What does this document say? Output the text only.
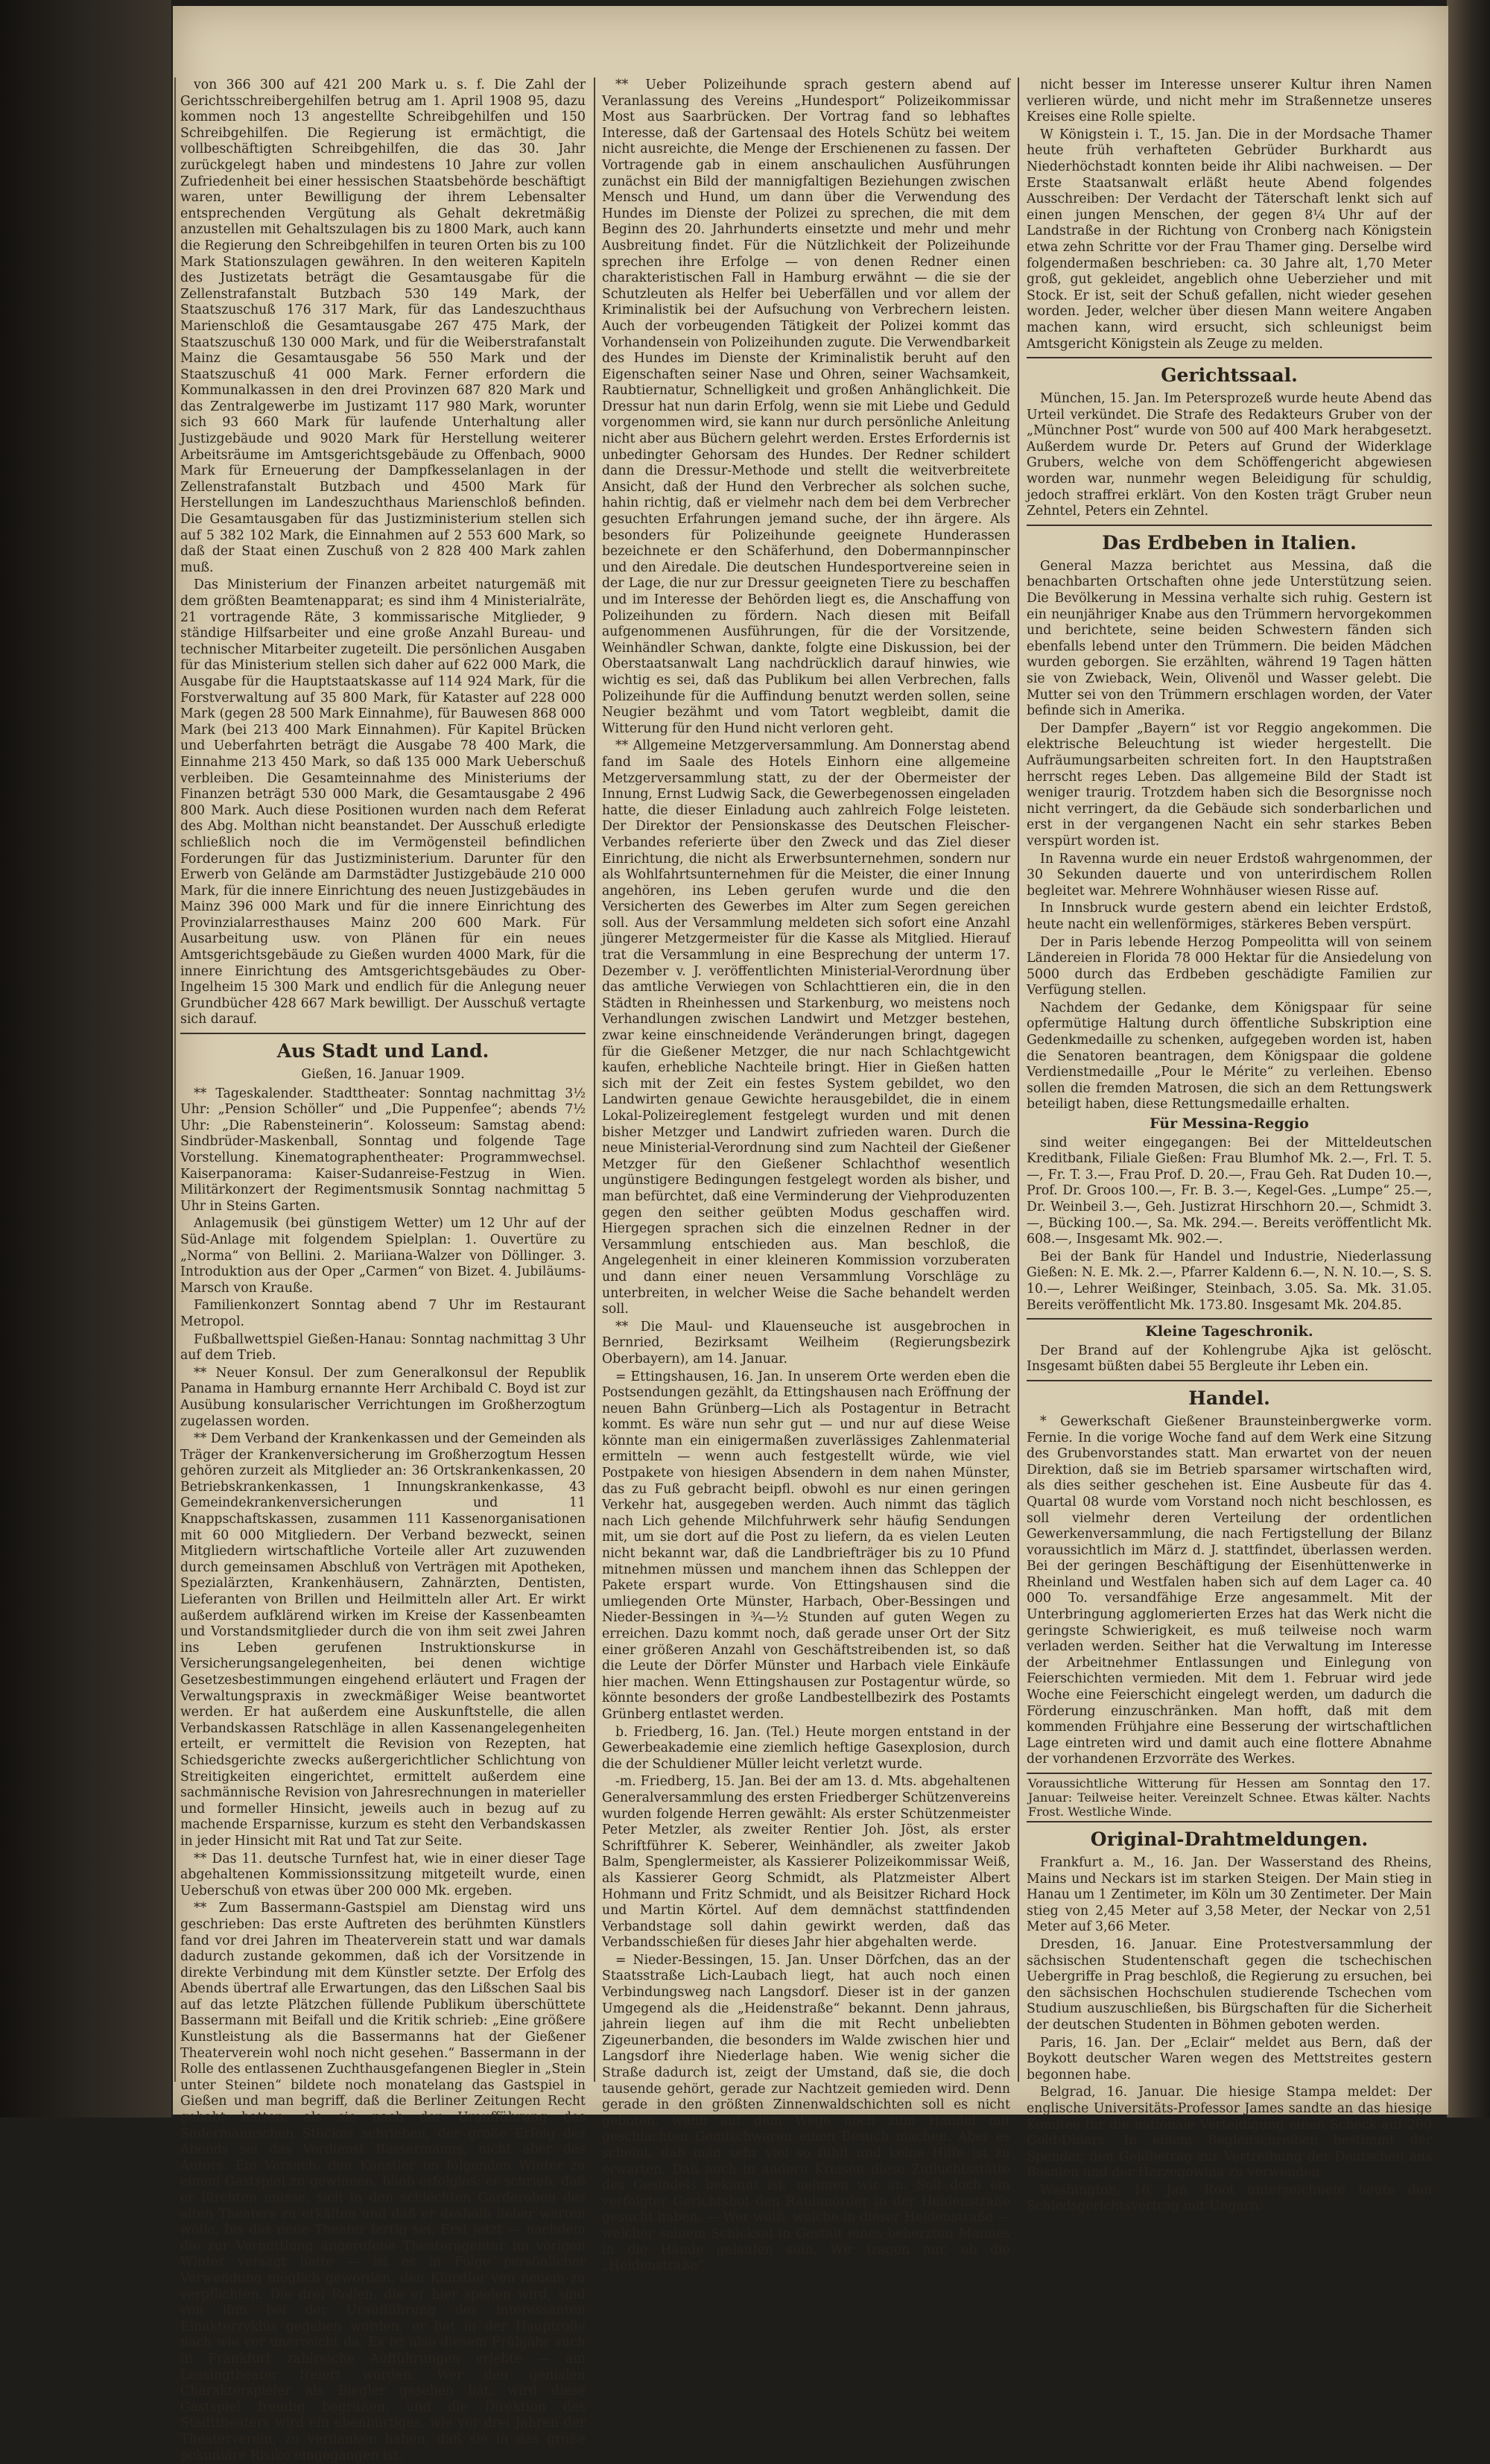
von 366 300 auf 421 200 Mark u. s. f. Die Zahl der Gerichtsschreibergehilfen betrug am 1. April 1908 95, dazu kommen noch 13 angestellte Schreibgehilfen und 150 Schreibgehilfen. Die Regierung ist ermächtigt, die vollbeschäftigten Schreibgehilfen, die das 30. Jahr zurückgelegt haben und mindestens 10 Jahre zur vollen Zufriedenheit bei einer hessischen Staatsbehörde beschäftigt waren, unter Bewilligung der ihrem Lebensalter entsprechenden Vergütung als Gehalt dekretmäßig anzustellen mit Gehaltszulagen bis zu 1800 Mark, auch kann die Regierung den Schreibgehilfen in teuren Orten bis zu 100 Mark Stationszulagen gewähren. In den weiteren Kapiteln des Justizetats beträgt die Gesamtausgabe für die Zellenstrafanstalt Butzbach 530 149 Mark, der Staatszuschuß 176 317 Mark, für das Landeszuchthaus Marienschloß die Gesamtausgabe 267 475 Mark, der Staatszuschuß 130 000 Mark, und für die Weiberstrafanstalt Mainz die Gesamtausgabe 56 550 Mark und der Staatszuschuß 41 000 Mark. Ferner erfordern die Kommunalkassen in den drei Provinzen 687 820 Mark und das Zentralgewerbe im Justizamt 117 980 Mark, worunter sich 93 660 Mark für laufende Unterhaltung aller Justizgebäude und 9020 Mark für Herstellung weiterer Arbeitsräume im Amtsgerichtsgebäude zu Offenbach, 9000 Mark für Erneuerung der Dampfkesselanlagen in der Zellenstrafanstalt Butzbach und 4500 Mark für Herstellungen im Landeszuchthaus Marienschloß befinden. Die Gesamtausgaben für das Justizministerium stellen sich auf 5 382 102 Mark, die Einnahmen auf 2 553 600 Mark, so daß der Staat einen Zuschuß von 2 828 400 Mark zahlen muß.

Das Ministerium der Finanzen arbeitet naturgemäß mit dem größten Beamtenapparat; es sind ihm 4 Ministerialräte, 21 vortragende Räte, 3 kommissarische Mitglieder, 9 ständige Hilfsarbeiter und eine große Anzahl Bureau- und technischer Mitarbeiter zugeteilt. Die persönlichen Ausgaben für das Ministerium stellen sich daher auf 622 000 Mark, die Ausgabe für die Hauptstaatskasse auf 114 924 Mark, für die Forstverwaltung auf 35 800 Mark, für Kataster auf 228 000 Mark (gegen 28 500 Mark Einnahme), für Bauwesen 868 000 Mark (bei 213 400 Mark Einnahmen). Für Kapitel Brücken und Ueberfahrten beträgt die Ausgabe 78 400 Mark, die Einnahme 213 450 Mark, so daß 135 000 Mark Ueberschuß verbleiben. Die Gesamteinnahme des Ministeriums der Finanzen beträgt 530 000 Mark, die Gesamtausgabe 2 496 800 Mark. Auch diese Positionen wurden nach dem Referat des Abg. Molthan nicht beanstandet. Der Ausschuß erledigte schließlich noch die im Vermögensteil befindlichen Forderungen für das Justizministerium. Darunter für den Erwerb von Gelände am Darmstädter Justizgebäude 210 000 Mark, für die innere Einrichtung des neuen Justizgebäudes in Mainz 396 000 Mark und für die innere Einrichtung des Provinzialarresthauses Mainz 200 600 Mark. Für Ausarbeitung usw. von Plänen für ein neues Amtsgerichtsgebäude zu Gießen wurden 4000 Mark, für die innere Einrichtung des Amtsgerichtsgebäudes zu Ober-Ingelheim 15 300 Mark und endlich für die Anlegung neuer Grundbücher 428 667 Mark bewilligt. Der Ausschuß vertagte sich darauf.

Aus Stadt und Land.
Gießen, 16. Januar 1909.

** Tageskalender. Stadttheater: Sonntag nachmittag 3½ Uhr: „Pension Schöller“ und „Die Puppenfee“; abends 7½ Uhr: „Die Rabensteinerin“. Kolosseum: Samstag abend: Sindbrüder-Maskenball, Sonntag und folgende Tage Vorstellung. Kinematographentheater: Programmwechsel. Kaiserpanorama: Kaiser-Sudanreise-Festzug in Wien. Militärkonzert der Regimentsmusik Sonntag nachmittag 5 Uhr in Steins Garten.

Anlagemusik (bei günstigem Wetter) um 12 Uhr auf der Süd-Anlage mit folgendem Spielplan: 1. Ouvertüre zu „Norma“ von Bellini. 2. Mariiana-Walzer von Döllinger. 3. Introduktion aus der Oper „Carmen“ von Bizet. 4. Jubiläums-Marsch von Krauße.

Familienkonzert Sonntag abend 7 Uhr im Restaurant Metropol.

Fußballwettspiel Gießen-Hanau: Sonntag nachmittag 3 Uhr auf dem Trieb.

** Neuer Konsul. Der zum Generalkonsul der Republik Panama in Hamburg ernannte Herr Archibald C. Boyd ist zur Ausübung konsularischer Verrichtungen im Großherzogtum zugelassen worden.

** Dem Verband der Krankenkassen und der Gemeinden als Träger der Krankenversicherung im Großherzogtum Hessen gehören zurzeit als Mitglieder an: 36 Ortskrankenkassen, 20 Betriebskrankenkassen, 1 Innungskrankenkasse, 43 Gemeindekrankenversicherungen und 11 Knappschaftskassen, zusammen 111 Kassenorganisationen mit 60 000 Mitgliedern. Der Verband bezweckt, seinen Mitgliedern wirtschaftliche Vorteile aller Art zuzuwenden durch gemeinsamen Abschluß von Verträgen mit Apotheken, Spezialärzten, Krankenhäusern, Zahnärzten, Dentisten, Lieferanten von Brillen und Heilmitteln aller Art. Er wirkt außerdem aufklärend wirken im Kreise der Kassenbeamten und Vorstandsmitglieder durch die von ihm seit zwei Jahren ins Leben gerufenen Instruktionskurse in Versicherungsangelegenheiten, bei denen wichtige Gesetzesbestimmungen eingehend erläutert und Fragen der Verwaltungspraxis in zweckmäßiger Weise beantwortet werden. Er hat außerdem eine Auskunftstelle, die allen Verbandskassen Ratschläge in allen Kassenangelegenheiten erteilt, er vermittelt die Revision von Rezepten, hat Schiedsgerichte zwecks außergerichtlicher Schlichtung von Streitigkeiten eingerichtet, ermittelt außerdem eine sachmännische Revision von Jahresrechnungen in materieller und formeller Hinsicht, jeweils auch in bezug auf zu machende Ersparnisse, kurzum es steht den Verbandskassen in jeder Hinsicht mit Rat und Tat zur Seite.

** Das 11. deutsche Turnfest hat, wie in einer dieser Tage abgehaltenen Kommissionssitzung mitgeteilt wurde, einen Ueberschuß von etwas über 200 000 Mk. ergeben.

** Zum Bassermann-Gastspiel am Dienstag wird uns geschrieben: Das erste Auftreten des berühmten Künstlers fand vor drei Jahren im Theaterverein statt und war damals dadurch zustande gekommen, daß ich der Vorsitzende in direkte Verbindung mit dem Künstler setzte. Der Erfolg des Abends übertraf alle Erwartungen, das den Lißschen Saal bis auf das letzte Plätzchen füllende Publikum überschüttete Bassermann mit Beifall und die Kritik schrieb: „Eine größere Kunstleistung als die Bassermanns hat der Gießener Theaterverein wohl noch nicht gesehen.“ Bassermann in der Rolle des entlassenen Zuchthausgefangenen Biegler in „Stein unter Steinen“ bildete noch monatelang das Gastspiel in Gießen und man begriff, daß die Berliner Zeitungen Recht gehabt hatten, als sie nach der Uraufführung des Sudermannschen Stückes schrieben, der große Erfolg des Abends sei das Verdienst Bassermanns, nicht aber des Autors. Ein Versuch, den Künstler im folgenden Winter zu einem Gastspiel zu gewinnen, blieb erfolglos; er schrieb, daß er fürchten müsse, sich in den schlechten Garderoben des alten Theaters zu erkälten und daß er deshalb lieber warten wolle, bis das neue Theater fertig sei. Erst jetzt — nachdem die zur Vermittlung angerufene Theateragentur im vorigen Winter versagt hatte — ist es in Folge persönlicher Verwendung möglich geworden, den Künstler von neuem zu verpflichten. Die drei Rollen, die er hier spielen wird, sind von ihm bei der Uraufführung des interessanten Einakterzyklus gegeben worden, er hat in der Hauptrolle nach wie vor unerreicht da. Es ist also diesem Frühjahr auch in Frankfurt zahlreiche Aufführungen erlebte — am Lessingtheater freiert worden. Wer den genialen Charakterspieler als Biegler gesehen hat, wird diese Gastspiel freudig begrüßen, und die Direktion des Stadttheaters wird ein ebenbürtiges, wie vor drei Jahren der Theaterverein, zu verdanken haben, daß sie in das große pekuniäre Risiko eingegangen ist.

** Ueber Polizeihunde sprach gestern abend auf Veranlassung des Vereins „Hundesport“ Polizeikommissar Most aus Saarbrücken. Der Vortrag fand so lebhaftes Interesse, daß der Gartensaal des Hotels Schütz bei weitem nicht ausreichte, die Menge der Erschienenen zu fassen. Der Vortragende gab in einem anschaulichen Ausführungen zunächst ein Bild der mannigfaltigen Beziehungen zwischen Mensch und Hund, um dann über die Verwendung des Hundes im Dienste der Polizei zu sprechen, die mit dem Beginn des 20. Jahrhunderts einsetzte und mehr und mehr Ausbreitung findet. Für die Nützlichkeit der Polizeihunde sprechen ihre Erfolge — von denen Redner einen charakteristischen Fall in Hamburg erwähnt — die sie der Schutzleuten als Helfer bei Ueberfällen und vor allem der Kriminalistik bei der Aufsuchung von Verbrechern leisten. Auch der vorbeugenden Tätigkeit der Polizei kommt das Vorhandensein von Polizeihunden zugute. Die Verwendbarkeit des Hundes im Dienste der Kriminalistik beruht auf den Eigenschaften seiner Nase und Ohren, seiner Wachsamkeit, Raubtiernatur, Schnelligkeit und großen Anhänglichkeit. Die Dressur hat nun darin Erfolg, wenn sie mit Liebe und Geduld vorgenommen wird, sie kann nur durch persönliche Anleitung nicht aber aus Büchern gelehrt werden. Erstes Erfordernis ist unbedingter Gehorsam des Hundes. Der Redner schildert dann die Dressur-Methode und stellt die weitverbreitete Ansicht, daß der Hund den Verbrecher als solchen suche, hahin richtig, daß er vielmehr nach dem bei dem Verbrecher gesuchten Erfahrungen jemand suche, der ihn ärgere. Als besonders für Polizeihunde geeignete Hunderassen bezeichnete er den Schäferhund, den Dobermannpinscher und den Airedale. Die deutschen Hundesportvereine seien in der Lage, die nur zur Dressur geeigneten Tiere zu beschaffen und im Interesse der Behörden liegt es, die Anschaffung von Polizeihunden zu fördern. Nach diesen mit Beifall aufgenommenen Ausführungen, für die der Vorsitzende, Weinhändler Schwan, dankte, folgte eine Diskussion, bei der Oberstaatsanwalt Lang nachdrücklich darauf hinwies, wie wichtig es sei, daß das Publikum bei allen Verbrechen, falls Polizeihunde für die Auffindung benutzt werden sollen, seine Neugier bezähmt und vom Tatort wegbleibt, damit die Witterung für den Hund nicht verloren geht.

** Allgemeine Metzgerversammlung. Am Donnerstag abend fand im Saale des Hotels Einhorn eine allgemeine Metzgerversammlung statt, zu der der Obermeister der Innung, Ernst Ludwig Sack, die Gewerbegenossen eingeladen hatte, die dieser Einladung auch zahlreich Folge leisteten. Der Direktor der Pensionskasse des Deutschen Fleischer-Verbandes referierte über den Zweck und das Ziel dieser Einrichtung, die nicht als Erwerbsunternehmen, sondern nur als Wohlfahrtsunternehmen für die Meister, die einer Innung angehören, ins Leben gerufen wurde und die den Versicherten des Gewerbes im Alter zum Segen gereichen soll. Aus der Versammlung meldeten sich sofort eine Anzahl jüngerer Metzgermeister für die Kasse als Mitglied. Hierauf trat die Versammlung in eine Besprechung der unterm 17. Dezember v. J. veröffentlichten Ministerial-Verordnung über das amtliche Verwiegen von Schlachttieren ein, die in den Städten in Rheinhessen und Starkenburg, wo meistens noch Verhandlungen zwischen Landwirt und Metzger bestehen, zwar keine einschneidende Veränderungen bringt, dagegen für die Gießener Metzger, die nur nach Schlachtgewicht kaufen, erhebliche Nachteile bringt. Hier in Gießen hatten sich mit der Zeit ein festes System gebildet, wo den Landwirten genaue Gewichte herausgebildet, die in einem Lokal-Polizeireglement festgelegt wurden und mit denen bisher Metzger und Landwirt zufrieden waren. Durch die neue Ministerial-Verordnung sind zum Nachteil der Gießener Metzger für den Gießener Schlachthof wesentlich ungünstigere Bedingungen festgelegt worden als bisher, und man befürchtet, daß eine Verminderung der Viehproduzenten gegen den seither geübten Modus geschaffen wird. Hiergegen sprachen sich die einzelnen Redner in der Versammlung entschieden aus. Man beschloß, die Angelegenheit in einer kleineren Kommission vorzuberaten und dann einer neuen Versammlung Vorschläge zu unterbreiten, in welcher Weise die Sache behandelt werden soll.

** Die Maul- und Klauenseuche ist ausgebrochen in Bernried, Bezirksamt Weilheim (Regierungsbezirk Oberbayern), am 14. Januar.

= Ettingshausen, 16. Jan. In unserem Orte werden eben die Postsendungen gezählt, da Ettingshausen nach Eröffnung der neuen Bahn Grünberg—Lich als Postagentur in Betracht kommt. Es wäre nun sehr gut — und nur auf diese Weise könnte man ein einigermaßen zuverlässiges Zahlenmaterial ermitteln — wenn auch festgestellt würde, wie viel Postpakete von hiesigen Absendern in dem nahen Münster, das zu Fuß gebracht beipfl. obwohl es nur einen geringen Verkehr hat, ausgegeben werden. Auch nimmt das täglich nach Lich gehende Milchfuhrwerk sehr häufig Sendungen mit, um sie dort auf die Post zu liefern, da es vielen Leuten nicht bekannt war, daß die Landbriefträger bis zu 10 Pfund mitnehmen müssen und manchem ihnen das Schleppen der Pakete erspart wurde. Von Ettingshausen sind die umliegenden Orte Münster, Harbach, Ober-Bessingen und Nieder-Bessingen in ¾—½ Stunden auf guten Wegen zu erreichen. Dazu kommt noch, daß gerade unser Ort der Sitz einer größeren Anzahl von Geschäftstreibenden ist, so daß die Leute der Dörfer Münster und Harbach viele Einkäufe hier machen. Wenn Ettingshausen zur Postagentur würde, so könnte besonders der große Landbestellbezirk des Postamts Grünberg entlastet werden.

b. Friedberg, 16. Jan. (Tel.) Heute morgen entstand in der Gewerbeakademie eine ziemlich heftige Gasexplosion, durch die der Schuldiener Müller leicht verletzt wurde.

-m. Friedberg, 15. Jan. Bei der am 13. d. Mts. abgehaltenen Generalversammlung des ersten Friedberger Schützenvereins wurden folgende Herren gewählt: Als erster Schützenmeister Peter Metzler, als zweiter Rentier Joh. Jöst, als erster Schriftführer K. Seberer, Weinhändler, als zweiter Jakob Balm, Spenglermeister, als Kassierer Polizeikommissar Weiß, als Kassierer Georg Schmidt, als Platzmeister Albert Hohmann und Fritz Schmidt, und als Beisitzer Richard Hock und Martin Körtel. Auf dem demnächst stattfindenden Verbandstage soll dahin gewirkt werden, daß das Verbandsschießen für dieses Jahr hier abgehalten werde.

= Nieder-Bessingen, 15. Jan. Unser Dörfchen, das an der Staatsstraße Lich-Laubach liegt, hat auch noch einen Verbindungsweg nach Langsdorf. Dieser ist in der ganzen Umgegend als die „Heidenstraße“ bekannt. Denn jahraus, jahrein liegen auf ihm die mit Recht unbeliebten Zigeunerbanden, die besonders im Walde zwischen hier und Langsdorf ihre Niederlage haben. Wie wenig sicher die Straße dadurch ist, zeigt der Umstand, daß sie, die doch tausende gehört, gerade zur Nachtzeit gemieden wird. Denn gerade in den größten Zinnenwaldschichten soll es nicht geboten, wenn auf dem Wege noch zum Handel mit geschlachten Gemischwaren einen Besuch machen. Aber es scheint, daß man sehr viel so fühlt und keine Hilfe ist zu erwarten. Daß auch in andern Kreisen diese Zufluchtsstätte des Gesindels bekannt ist, nehmen wir an. Soll doch ein verfolgter Gerichtshof den Raubmörder in der Heidenstraße gesucht haben. — Wer weiß, welche in dieser Heidenstraße — welcher seinem Schicksal in Gestalt eines beherzten Mannes in die Hände gelaufen sein. Wir tragen nur, ob die „Heidenstraße“

nicht besser im Interesse unserer Kultur ihren Namen verlieren würde, und nicht mehr im Straßennetze unseres Kreises eine Rolle spielte.

W Königstein i. T., 15. Jan. Die in der Mordsache Thamer heute früh verhafteten Gebrüder Burkhardt aus Niederhöchstadt konnten beide ihr Alibi nachweisen. — Der Erste Staatsanwalt erläßt heute Abend folgendes Ausschreiben: Der Verdacht der Täterschaft lenkt sich auf einen jungen Menschen, der gegen 8¼ Uhr auf der Landstraße in der Richtung von Cronberg nach Königstein etwa zehn Schritte vor der Frau Thamer ging. Derselbe wird folgendermaßen beschrieben: ca. 30 Jahre alt, 1,70 Meter groß, gut gekleidet, angeblich ohne Ueberzieher und mit Stock. Er ist, seit der Schuß gefallen, nicht wieder gesehen worden. Jeder, welcher über diesen Mann weitere Angaben machen kann, wird ersucht, sich schleunigst beim Amtsgericht Königstein als Zeuge zu melden.

Gerichtssaal.

München, 15. Jan. Im Petersprozeß wurde heute Abend das Urteil verkündet. Die Strafe des Redakteurs Gruber von der „Münchner Post“ wurde von 500 auf 400 Mark herabgesetzt. Außerdem wurde Dr. Peters auf Grund der Widerklage Grubers, welche von dem Schöffengericht abgewiesen worden war, nunmehr wegen Beleidigung für schuldig, jedoch straffrei erklärt. Von den Kosten trägt Gruber neun Zehntel, Peters ein Zehntel.

Das Erdbeben in Italien.

General Mazza berichtet aus Messina, daß die benachbarten Ortschaften ohne jede Unterstützung seien. Die Bevölkerung in Messina verhalte sich ruhig. Gestern ist ein neunjähriger Knabe aus den Trümmern hervorgekommen und berichtete, seine beiden Schwestern fänden sich ebenfalls lebend unter den Trümmern. Die beiden Mädchen wurden geborgen. Sie erzählten, während 19 Tagen hätten sie von Zwieback, Wein, Olivenöl und Wasser gelebt. Die Mutter sei von den Trümmern erschlagen worden, der Vater befinde sich in Amerika.

Der Dampfer „Bayern“ ist vor Reggio angekommen. Die elektrische Beleuchtung ist wieder hergestellt. Die Aufräumungsarbeiten schreiten fort. In den Hauptstraßen herrscht reges Leben. Das allgemeine Bild der Stadt ist weniger traurig. Trotzdem haben sich die Besorgnisse noch nicht verringert, da die Gebäude sich sonderbarlichen und erst in der vergangenen Nacht ein sehr starkes Beben verspürt worden ist.

In Ravenna wurde ein neuer Erdstoß wahrgenommen, der 30 Sekunden dauerte und von unterirdischem Rollen begleitet war. Mehrere Wohnhäuser wiesen Risse auf.

In Innsbruck wurde gestern abend ein leichter Erdstoß, heute nacht ein wellenförmiges, stärkeres Beben verspürt.

Der in Paris lebende Herzog Pompeolitta will von seinem Ländereien in Florida 78 000 Hektar für die Ansiedelung von 5000 durch das Erdbeben geschädigte Familien zur Verfügung stellen.

Nachdem der Gedanke, dem Königspaar für seine opfermütige Haltung durch öffentliche Subskription eine Gedenkmedaille zu schenken, aufgegeben worden ist, haben die Senatoren beantragen, dem Königspaar die goldene Verdienstmedaille „Pour le Mérite“ zu verleihen. Ebenso sollen die fremden Matrosen, die sich an dem Rettungswerk beteiligt haben, diese Rettungsmedaille erhalten.

Für Messina-Reggio

sind weiter eingegangen: Bei der Mitteldeutschen Kreditbank, Filiale Gießen: Frau Blumhof Mk. 2.—, Frl. T. 5.—, Fr. T. 3.—, Frau Prof. D. 20.—, Frau Geh. Rat Duden 10.—, Prof. Dr. Groos 100.—, Fr. B. 3.—, Kegel-Ges. „Lumpe“ 25.—, Dr. Weinbeil 3.—, Geh. Justizrat Hirschhorn 20.—, Schmidt 3.—, Bücking 100.—, Sa. Mk. 294.—. Bereits veröffentlicht Mk. 608.—, Insgesamt Mk. 902.—.

Bei der Bank für Handel und Industrie, Niederlassung Gießen: N. E. Mk. 2.—, Pfarrer Kaldenn 6.—, N. N. 10.—, S. S. 10.—, Lehrer Weißinger, Steinbach, 3.05. Sa. Mk. 31.05. Bereits veröffentlicht Mk. 173.80. Insgesamt Mk. 204.85.

Kleine Tageschronik.

Der Brand auf der Kohlengrube Ajka ist gelöscht. Insgesamt büßten dabei 55 Bergleute ihr Leben ein.

Handel.

* Gewerkschaft Gießener Braunsteinbergwerke vorm. Fernie. In die vorige Woche fand auf dem Werk eine Sitzung des Grubenvorstandes statt. Man erwartet von der neuen Direktion, daß sie im Betrieb sparsamer wirtschaften wird, als dies seither geschehen ist. Eine Ausbeute für das 4. Quartal 08 wurde vom Vorstand noch nicht beschlossen, es soll vielmehr deren Verteilung der ordentlichen Gewerkenversammlung, die nach Fertigstellung der Bilanz voraussichtlich im März d. J. stattfindet, überlassen werden. Bei der geringen Beschäftigung der Eisenhüttenwerke in Rheinland und Westfalen haben sich auf dem Lager ca. 40 000 To. versandfähige Erze angesammelt. Mit der Unterbringung agglomerierten Erzes hat das Werk nicht die geringste Schwierigkeit, es muß teilweise noch warm verladen werden. Seither hat die Verwaltung im Interesse der Arbeitnehmer Entlassungen und Einlegung von Feierschichten vermieden. Mit dem 1. Februar wird jede Woche eine Feierschicht eingelegt werden, um dadurch die Förderung einzuschränken. Man hofft, daß mit dem kommenden Frühjahre eine Besserung der wirtschaftlichen Lage eintreten wird und damit auch eine flottere Abnahme der vorhandenen Erzvorräte des Werkes.

Voraussichtliche Witterung für Hessen am Sonntag den 17. Januar: Teilweise heiter. Vereinzelt Schnee. Etwas kälter. Nachts Frost. Westliche Winde.
Original-Drahtmeldungen.

Frankfurt a. M., 16. Jan. Der Wasserstand des Rheins, Mains und Neckars ist im starken Steigen. Der Main stieg in Hanau um 1 Zentimeter, im Köln um 30 Zentimeter. Der Main stieg von 2,45 Meter auf 3,58 Meter, der Neckar von 2,51 Meter auf 3,66 Meter.

Dresden, 16. Januar. Eine Protestversammlung der sächsischen Studentenschaft gegen die tschechischen Uebergriffe in Prag beschloß, die Regierung zu ersuchen, bei den sächsischen Hochschulen studierende Tschechen vom Studium auszuschließen, bis Bürgschaften für die Sicherheit der deutschen Studenten in Böhmen geboten werden.

Paris, 16. Jan. Der „Eclair“ meldet aus Bern, daß der Boykott deutscher Waren wegen des Mettstreites gestern begonnen habe.

Belgrad, 16. Januar. Die hiesige Stampa meldet: Der englische Universitäts-Professor James sandte an das hiesige Komitee für die nationale Verteidigung einen Scheck auf 260 Gold-Dinars. In einem Begleitschreiben bestimmt der Spender, den Geldbetrag zur Vertreibung der Deutschen aus Bosnien und der Herzegowina zu verwenden.

Washington, 16. Jan. Root unterzeichnete heute den Schiedsgerichtsvertrag mit Ungarn.
